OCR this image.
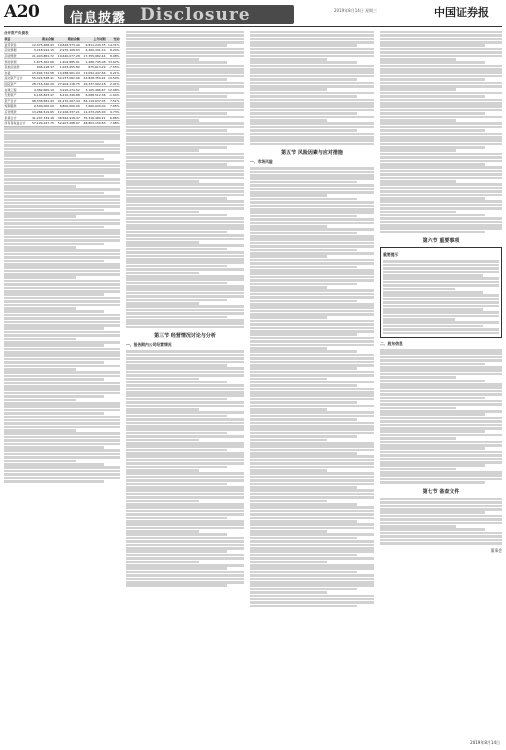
A20 信息披露 Disclosure	2019年8月14日 星期三	中国证券报
合并资产负债表
项目	期末余额	期初余额	上年同期	变动
货币资金	12,375,468.93	10,826,573.40	9,811,240.35	14.31%
应收票据	3,218,944.15	2,975,108.63	2,406,331.10	8.20%
应收账款	21,403,881.72	19,640,077.28	17,355,982.44	8.98%
预付款项	1,875,302.66	1,402,885.91	1,286,745.08	33.67%
其他应收款	946,218.37	1,023,455.80	875,613.29	-7.55%
存货	15,604,732.58	14,288,961.04	13,092,447.66	9.21%
流动资产合计	55,424,548.41	50,157,062.06	44,828,359.92	10.50%
固定资产	28,716,340.29	27,904,118.75	26,337,902.18	2.91%
在建工程	4,382,665.10	3,910,274.52	3,105,486.67	12.08%
无形资产	6,145,823.47	6,210,349.88	6,088,512.36	-1.04%
资产总计	98,336,581.93	91,470,207.44	84,119,637.05	7.51%
短期借款	9,500,000.00	8,800,000.00	7,600,000.00	7.95%
应付账款	13,284,519.65	12,106,337.21	11,473,205.90	9.73%
负债合计	41,207,334.18	38,562,918.47	35,316,480.22	6.86%
所有者权益合计	57,129,247.75	52,907,288.97	48,803,156.83	7.98%
第三节 经营情况讨论与分析
一、报告期内公司经营情况
第五节 风险因素与应对措施
一、市场风险
第六节 重要事项
重要提示
二、股东信息
第七节 备查文件
董事会
2019年8月14日
